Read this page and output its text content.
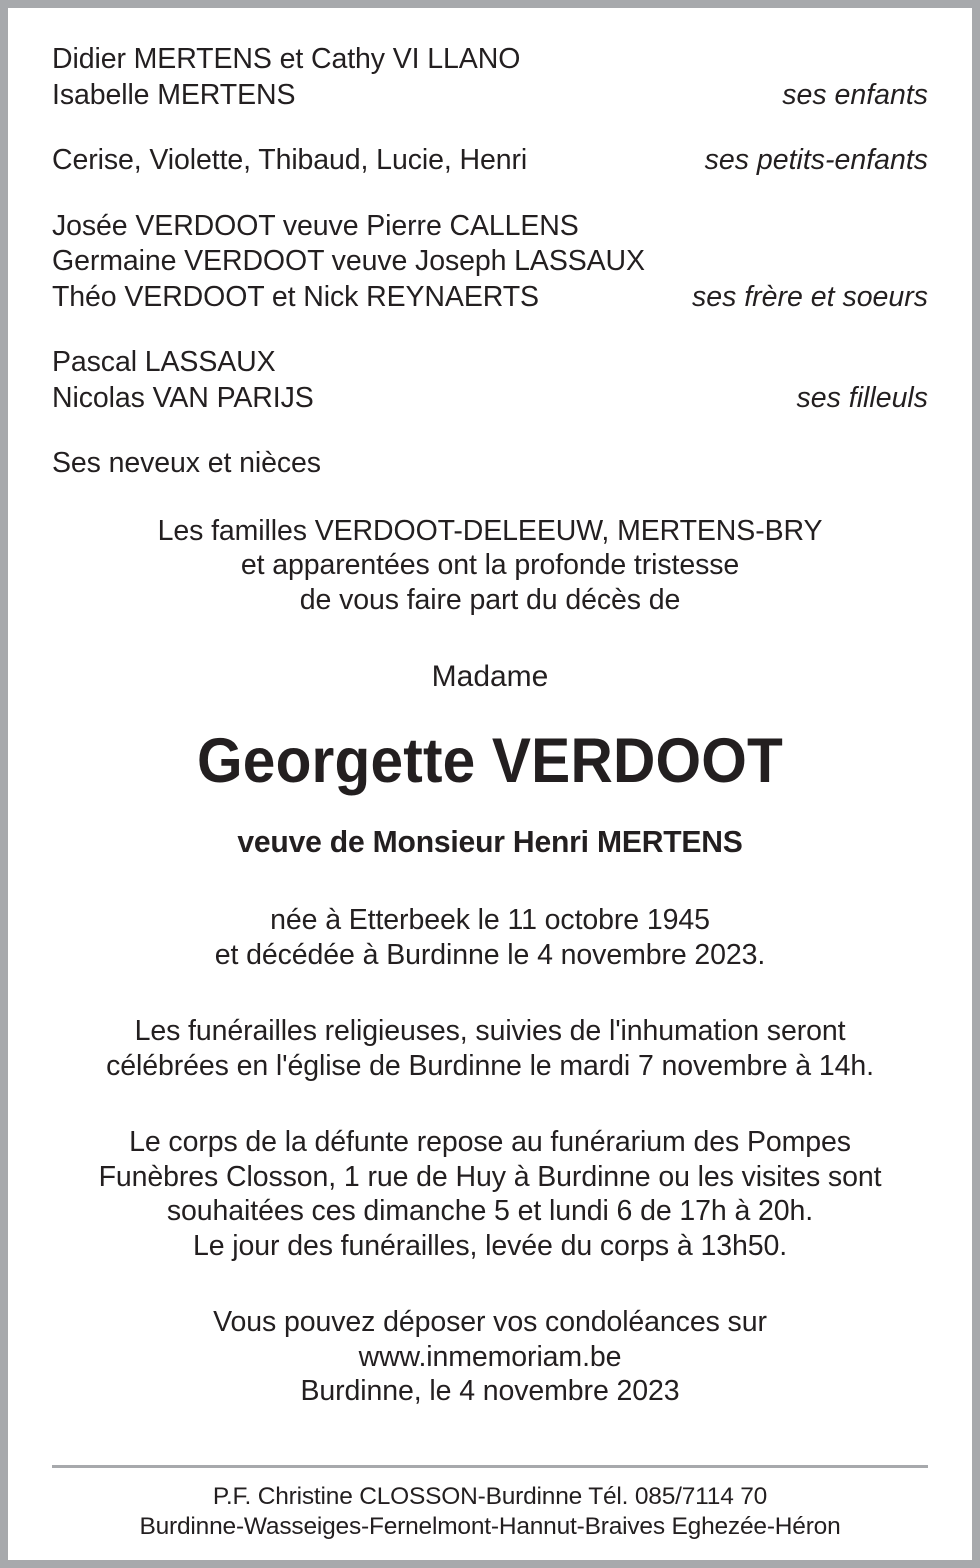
Didier MERTENS et Cathy VI LLANO
Isabelle MERTENS	ses enfants
Cerise, Violette, Thibaud, Lucie, Henri	ses petits-enfants
Josée VERDOOT veuve Pierre CALLENS
Germaine VERDOOT veuve Joseph LASSAUX
Théo VERDOOT et Nick REYNAERTS	ses frère et soeurs
Pascal LASSAUX
Nicolas VAN PARIJS	ses filleuls
Ses neveux et nièces
Les familles VERDOOT-DELEEUW, MERTENS-BRY
et apparentées ont la profonde tristesse
de vous faire part du décès de
Madame
Georgette VERDOOT
veuve de Monsieur Henri MERTENS
née à Etterbeek le 11 octobre 1945
et décédée à Burdinne le 4 novembre 2023.
Les funérailles religieuses, suivies de l'inhumation seront
célébrées en l'église de Burdinne le mardi 7 novembre à 14h.
Le corps de la défunte repose au funérarium des Pompes
Funèbres Closson, 1 rue de Huy à Burdinne ou les visites sont
souhaitées ces dimanche 5 et lundi 6 de 17h à 20h.
Le jour des funérailles, levée du corps à 13h50.
Vous pouvez déposer vos condoléances sur
www.inmemoriam.be
Burdinne, le 4 novembre 2023
P.F. Christine CLOSSON-Burdinne Tél. 085/7114 70
Burdinne-Wasseiges-Fernelmont-Hannut-Braives Eghezée-Héron
